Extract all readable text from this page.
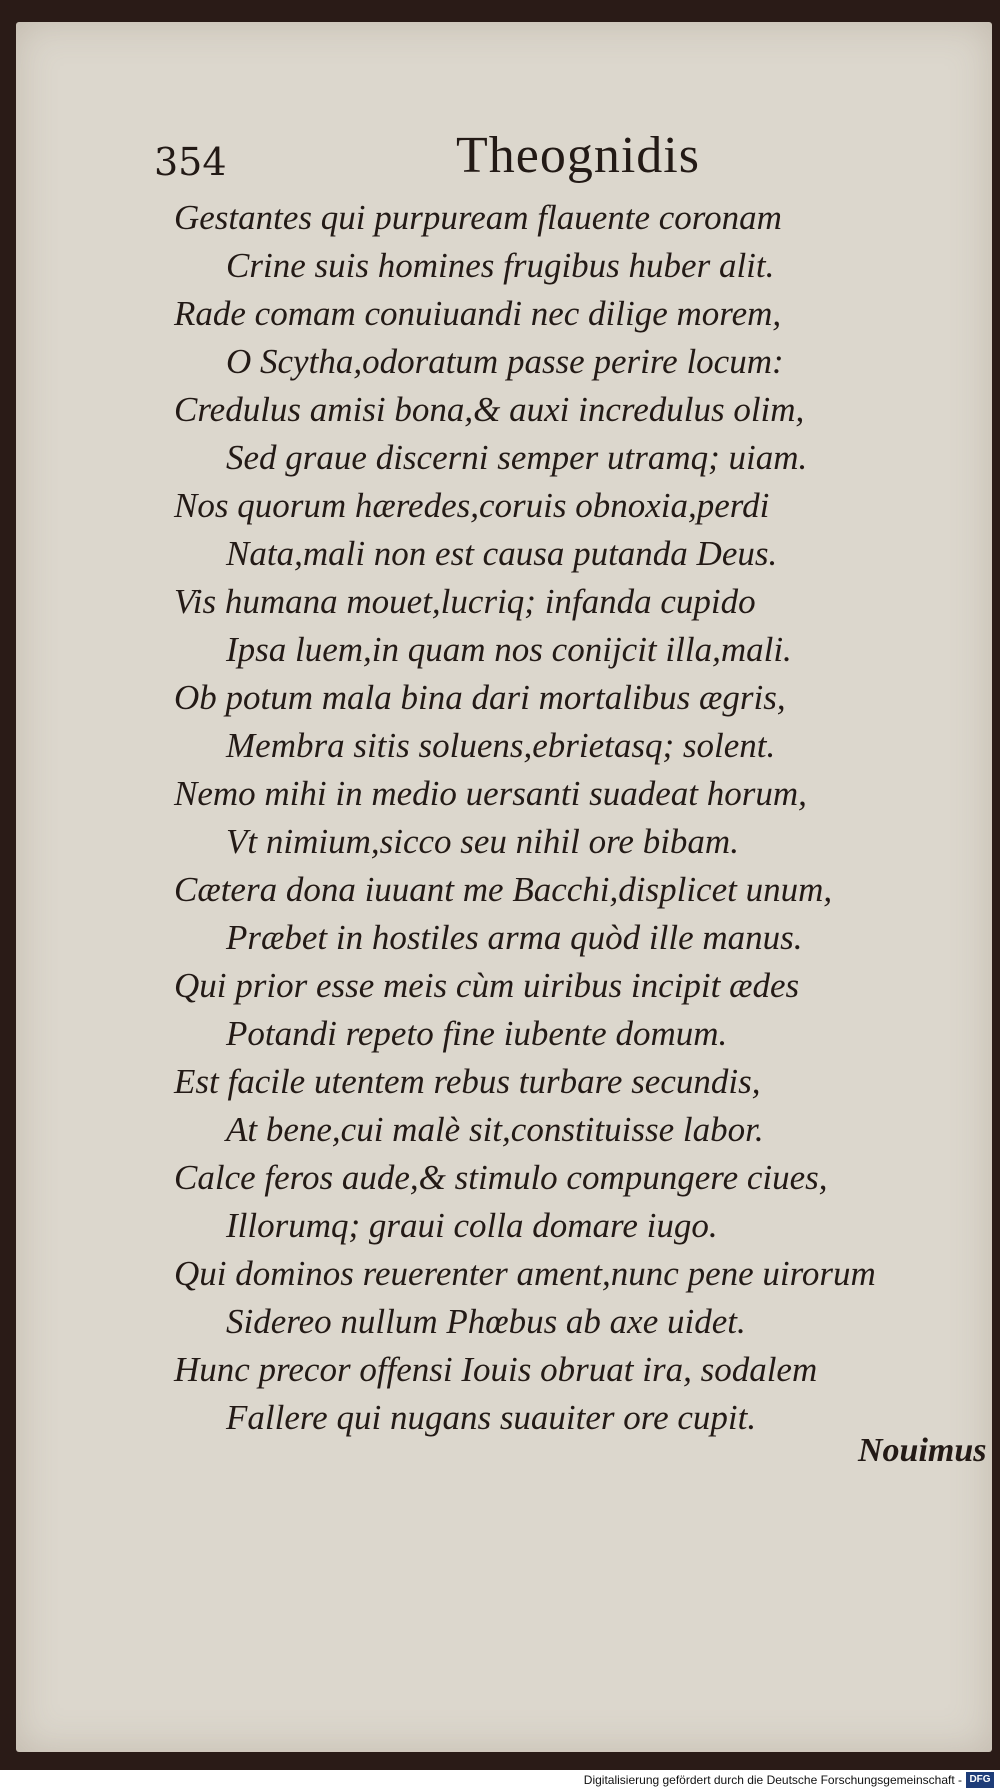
354	Theognidis
Gestantes qui purpuream flauente coronam
Crine suis homines frugibus huber alit.
Rade comam conuiuandi nec dilige morem,
O Scytha,odoratum passe perire locum:
Credulus amisi bona,& auxi incredulus olim,
Sed graue discerni semper utramq; uiam.
Nos quorum hæredes,coruis obnoxia,perdi
Nata,mali non est causa putanda Deus.
Vis humana mouet,lucriq; infanda cupido
Ipsa luem,in quam nos conijcit illa,mali.
Ob potum mala bina dari mortalibus ægris,
Membra sitis soluens,ebrietasq; solent.
Nemo mihi in medio uersanti suadeat horum,
Vt nimium,sicco seu nihil ore bibam.
Cætera dona iuuant me Bacchi,displicet unum,
Præbet in hostiles arma quòd ille manus.
Qui prior esse meis cùm uiribus incipit ædes
Potandi repeto fine iubente domum.
Est facile utentem rebus turbare secundis,
At bene,cui malè sit,constituisse labor.
Calce feros aude,& stimulo compungere ciues,
Illorumq; graui colla domare iugo.
Qui dominos reuerenter ament,nunc pene uirorum
Sidereo nullum Phœbus ab axe uidet.
Hunc precor offensi Iouis obruat ira, sodalem
Fallere qui nugans suauiter ore cupit.
Nouimus
Digitalisierung gefördert durch die Deutsche Forschungsgemeinschaft - DFG
